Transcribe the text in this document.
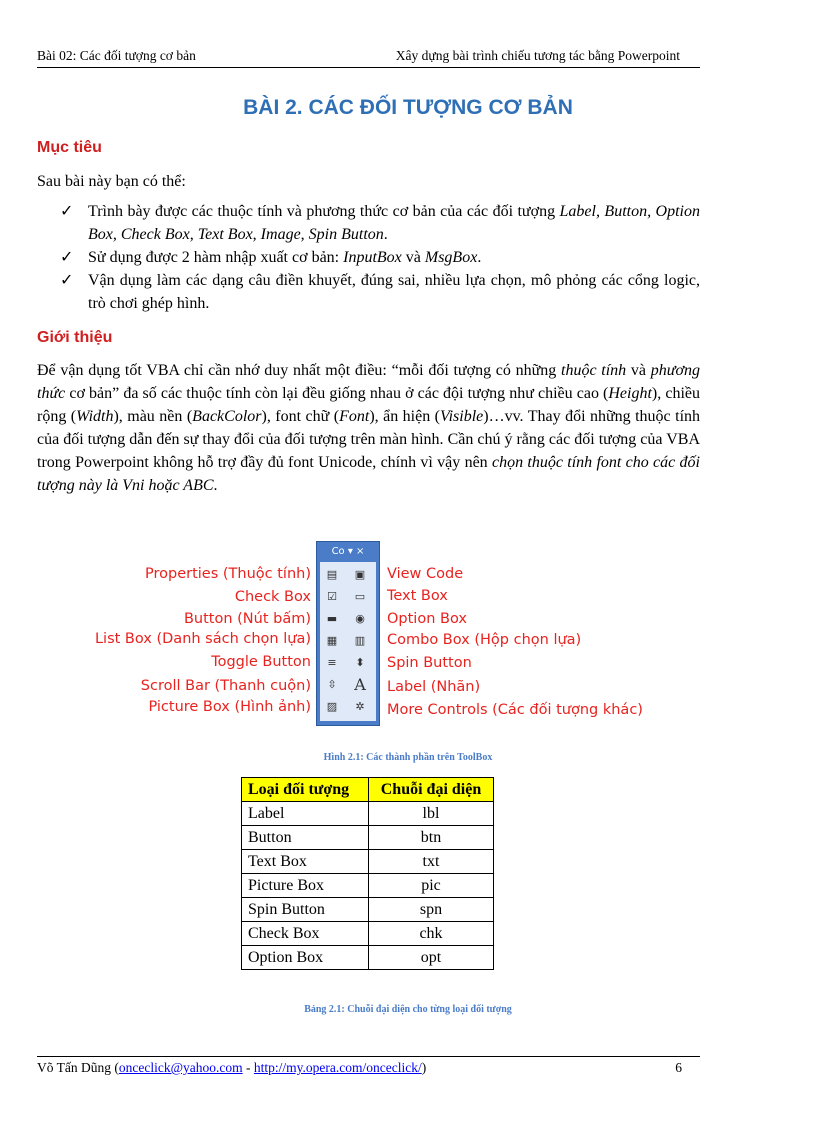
Bài 02: Các đối tượng cơ bản	Xây dựng bài trình chiếu tương tác bằng Powerpoint
BÀI 2. CÁC ĐỐI TƯỢNG CƠ BẢN
Mục tiêu
Sau bài này bạn có thể:
✓ Trình bày được các thuộc tính và phương thức cơ bản của các đối tượng Label, Button, Option Box, Check Box, Text Box, Image, Spin Button.
✓ Sử dụng được 2 hàm nhập xuất cơ bản: InputBox và MsgBox.
✓ Vận dụng làm các dạng câu điền khuyết, đúng sai, nhiều lựa chọn, mô phỏng các cổng logic, trò chơi ghép hình.
Giới thiệu
Để vận dụng tốt VBA chỉ cần nhớ duy nhất một điều: “mỗi đối tượng có những thuộc tính và phương thức cơ bản” đa số các thuộc tính còn lại đều giống nhau ở các đội tượng như chiều cao (Height), chiều rộng (Width), màu nền (BackColor), font chữ (Font), ẩn hiện (Visible)…vv. Thay đổi những thuộc tính của đối tượng dẫn đến sự thay đổi của đối tượng trên màn hình. Cần chú ý rằng các đối tượng của VBA trong Powerpoint không hỗ trợ đầy đủ font Unicode, chính vì vậy nên chọn thuộc tính font cho các đối tượng này là Vni hoặc ABC.
Properties (Thuộc tính)
Check Box
Button (Nút bấm)
List Box (Danh sách chọn lựa)
Toggle Button
Scroll Bar (Thanh cuộn)
Picture Box (Hình ảnh)
Co ▾ ×
▤	▣
☑	▭
▬	◉
▦	▥
≡	⬍
⇳	A
▨	✲
View Code
Text Box
Option Box
Combo Box (Hộp chọn lựa)
Spin Button
Label (Nhãn)
More Controls (Các đối tượng khác)
Hình 2.1: Các thành phần trên ToolBox
Loại đối tượng	Chuỗi đại diện
Label	lbl
Button	btn
Text Box	txt
Picture Box	pic
Spin Button	spn
Check Box	chk
Option Box	opt
Bảng 2.1: Chuỗi đại diện cho từng loại đối tượng
Võ Tấn Dũng (onceclick@yahoo.com - http://my.opera.com/onceclick/)	6
